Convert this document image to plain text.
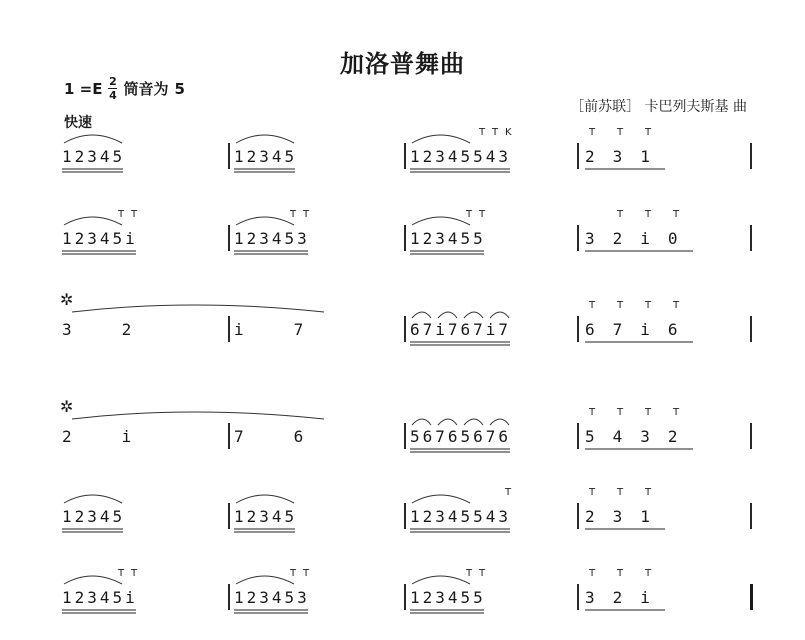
加洛普舞曲
$1 =E \frac{2}{4}$ 筒音为 5
［前苏联］ 卡巴列夫斯基 曲
快速
T T K	T T T
T T	T T	T T	T T T
T T T T
T T T T
T	T T T
T T	T T	T T	T T T
12345	12345	12345543	231
12345i	123453	123455	32i0
✲
32	i7	67i767i7	67i6
✲
2i	76	56765676	5432
12345	12345	12345543	231
12345i	123453	123455	32i
